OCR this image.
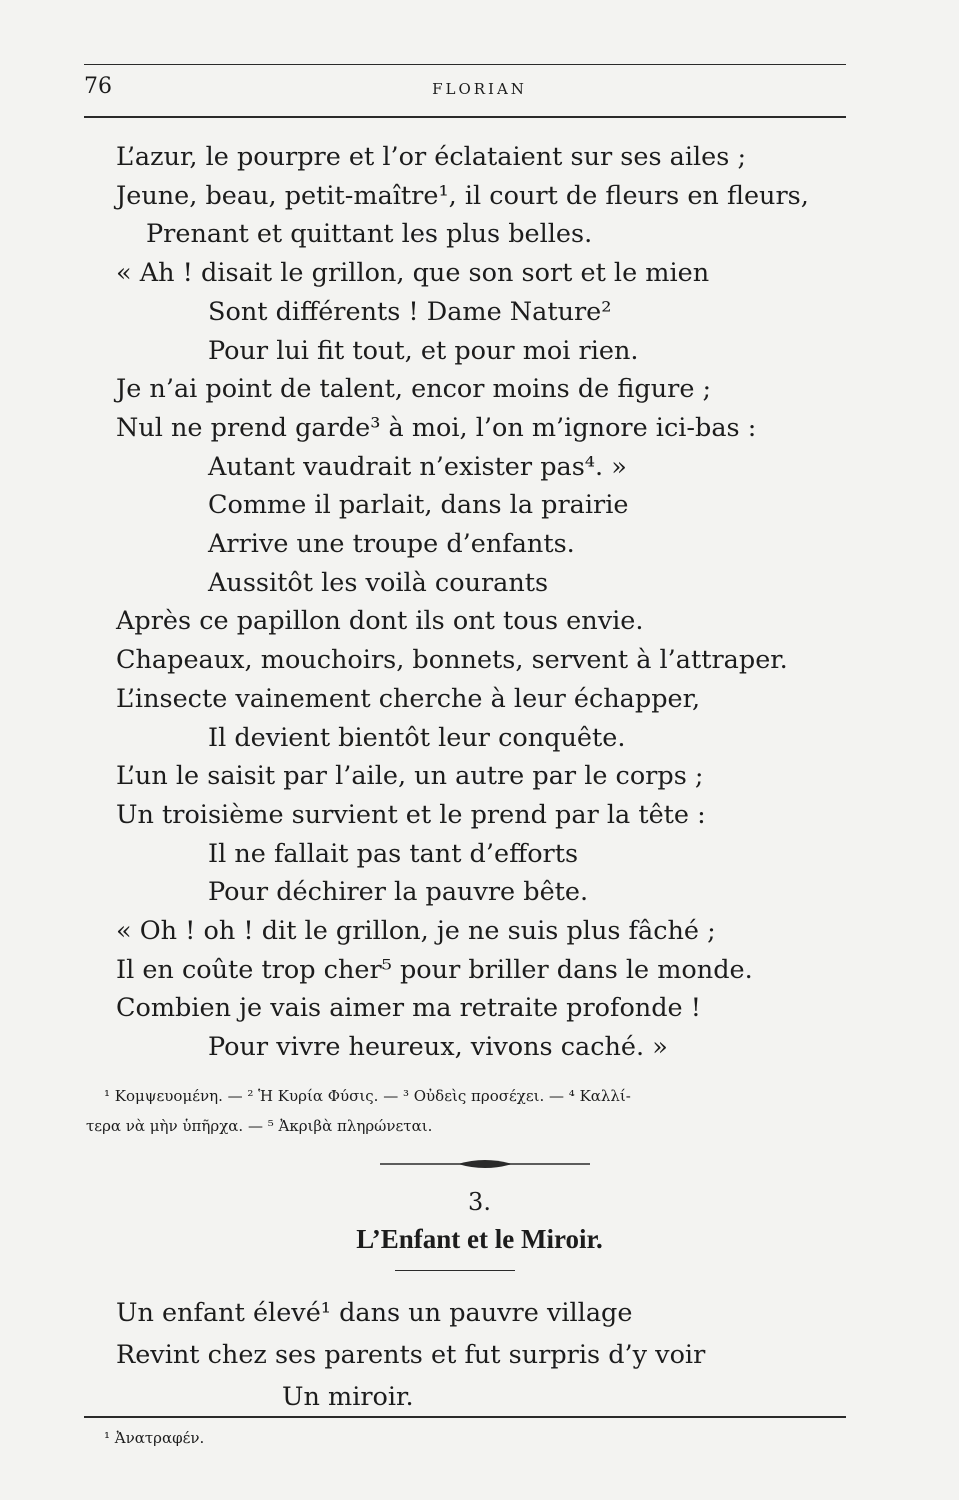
76	FLORIAN
L’azur, le pourpre et l’or éclataient sur ses ailes ;
Jeune, beau, petit-maître¹, il court de fleurs en fleurs,
Prenant et quittant les plus belles.
« Ah ! disait le grillon, que son sort et le mien
Sont différents ! Dame Nature²
Pour lui fit tout, et pour moi rien.
Je n’ai point de talent, encor moins de figure ;
Nul ne prend garde³ à moi, l’on m’ignore ici-bas :
Autant vaudrait n’exister pas⁴. »
Comme il parlait, dans la prairie
Arrive une troupe d’enfants.
Aussitôt les voilà courants
Après ce papillon dont ils ont tous envie.
Chapeaux, mouchoirs, bonnets, servent à l’attraper.
L’insecte vainement cherche à leur échapper,
Il devient bientôt leur conquête.
L’un le saisit par l’aile, un autre par le corps ;
Un troisième survient et le prend par la tête :
Il ne fallait pas tant d’efforts
Pour déchirer la pauvre bête.
« Oh ! oh ! dit le grillon, je ne suis plus fâché ;
Il en coûte trop cher⁵ pour briller dans le monde.
Combien je vais aimer ma retraite profonde !
Pour vivre heureux, vivons caché. »
¹ Κομψευομένη. — ² Ἡ Κυρία Φύσις. — ³ Οὐδεὶς προσέχει. — ⁴ Καλλί-
τερα νὰ μὴν ὑπῆρχα. — ⁵ Ἀκριβὰ πληρώνεται.
3.
L’Enfant et le Miroir.
Un enfant élevé¹ dans un pauvre village
Revint chez ses parents et fut surpris d’y voir
Un miroir.
¹ Ἀνατραφέν.
